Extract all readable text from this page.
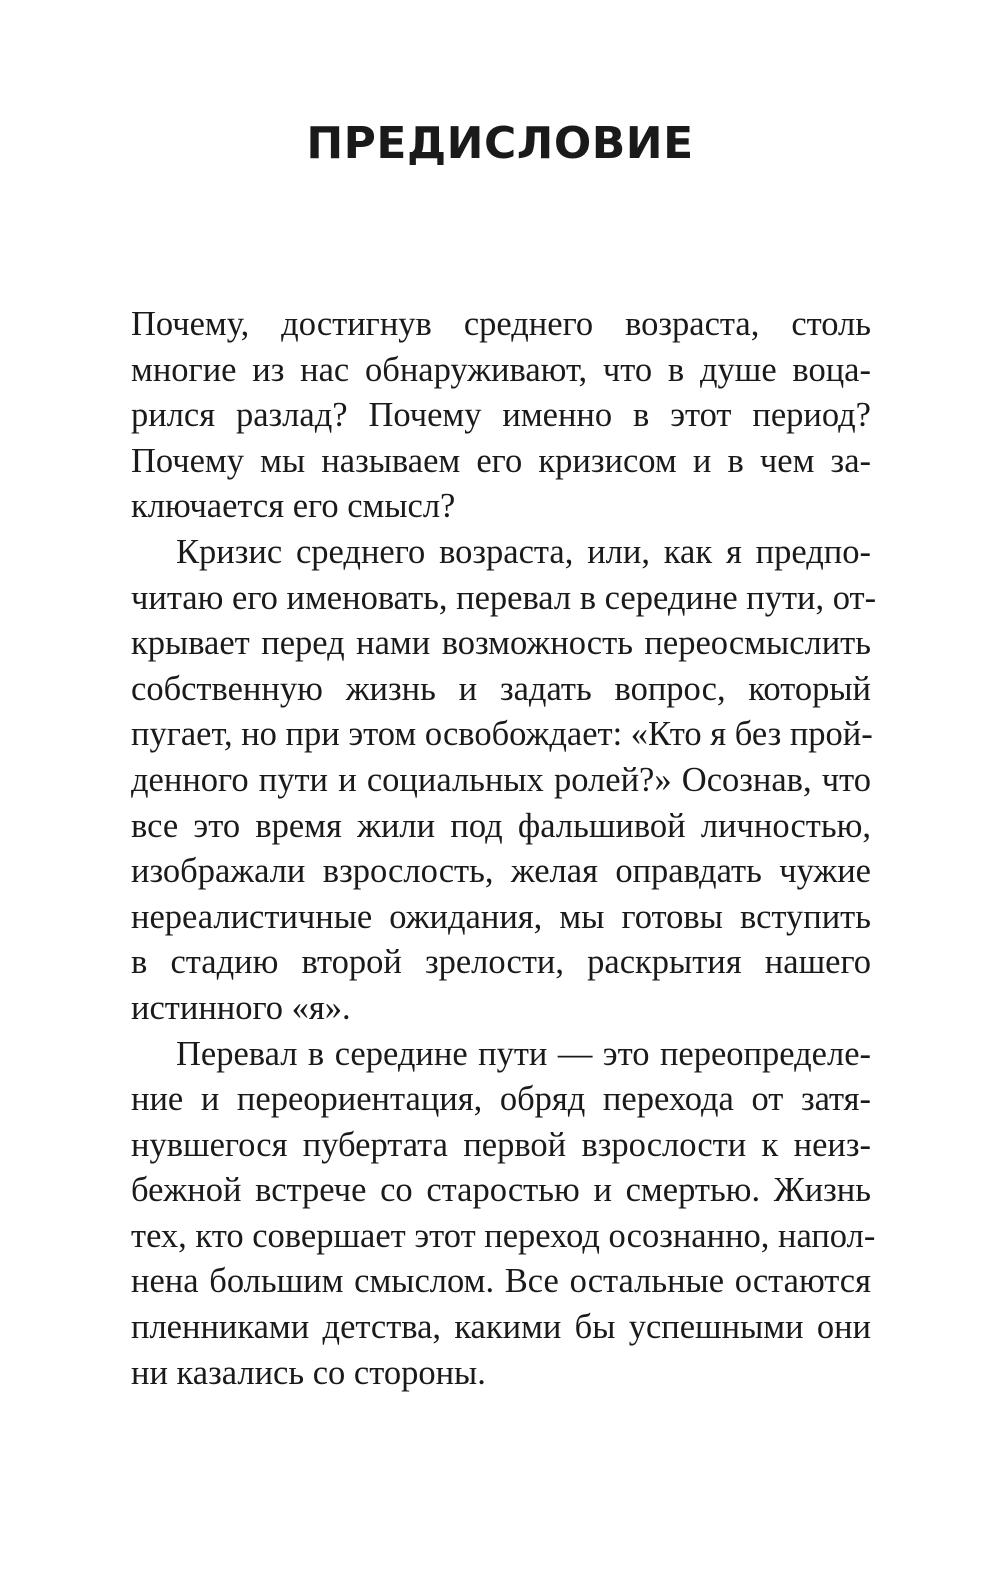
ПРЕДИСЛОВИЕ
Почему, достигнув среднего возраста, столь
многие из нас обнаруживают, что в душе воца-
рился разлад? Почему именно в этот период?
Почему мы называем его кризисом и в чем за-
ключается его смысл?
Кризис среднего возраста, или, как я предпо-
читаю его именовать, перевал в середине пути, от-
крывает перед нами возможность переосмыслить
собственную жизнь и задать вопрос, который
пугает, но при этом освобождает: «Кто я без прой-
денного пути и социальных ролей?» Осознав, что
все это время жили под фальшивой личностью,
изображали взрослость, желая оправдать чужие
нереалистичные ожидания, мы готовы вступить
в стадию второй зрелости, раскрытия нашего
истинного «я».
Перевал в середине пути — это переопределе-
ние и переориентация, обряд перехода от затя-
нувшегося пубертата первой взрослости к неиз-
бежной встрече со старостью и смертью. Жизнь
тех, кто совершает этот переход осознанно, напол-
нена большим смыслом. Все остальные остаются
пленниками детства, какими бы успешными они
ни казались со стороны.
